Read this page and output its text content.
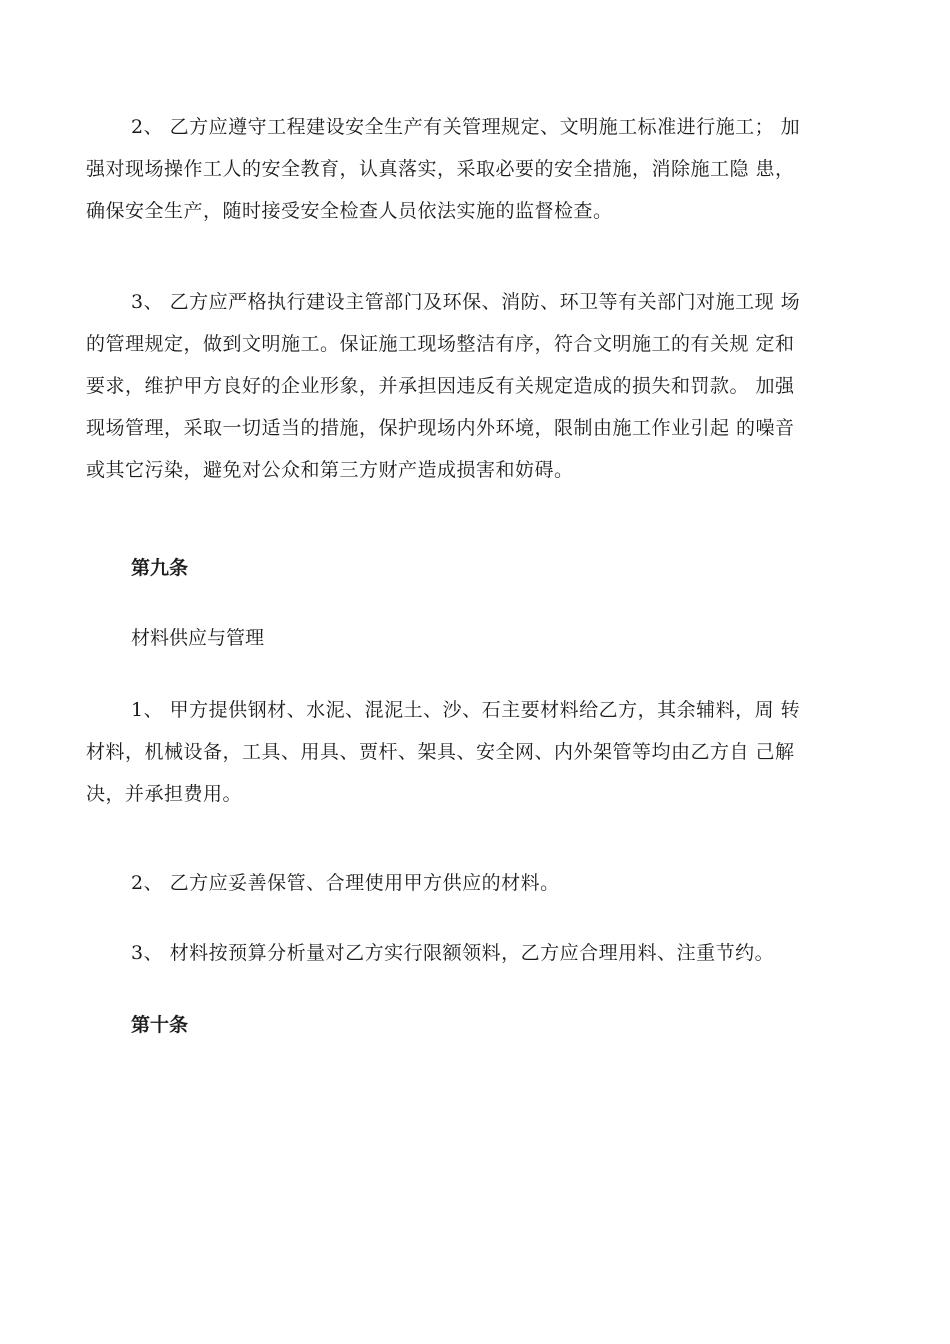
2、 乙方应遵守工程建设安全生产有关管理规定、文明施工标准进行施工； 加
强对现场操作工人的安全教育，认真落实，采取必要的安全措施，消除施工隐 患，
确保安全生产，随时接受安全检查人员依法实施的监督检查。
3、 乙方应严格执行建设主管部门及环保、消防、环卫等有关部门对施工现 场
的管理规定，做到文明施工。保证施工现场整洁有序，符合文明施工的有关规 定和
要求，维护甲方良好的企业形象，并承担因违反有关规定造成的损失和罚款。 加强
现场管理，采取一切适当的措施，保护现场内外环境，限制由施工作业引起 的噪音
或其它污染，避免对公众和第三方财产造成损害和妨碍。
第九条
材料供应与管理
1、 甲方提供钢材、水泥、混泥土、沙、石主要材料给乙方，其余辅料，周 转
材料，机械设备，工具、用具、贾杆、架具、安全网、内外架管等均由乙方自 己解
决，并承担费用。
2、 乙方应妥善保管、合理使用甲方供应的材料。
3、 材料按预算分析量对乙方实行限额领料，乙方应合理用料、注重节约。
第十条
